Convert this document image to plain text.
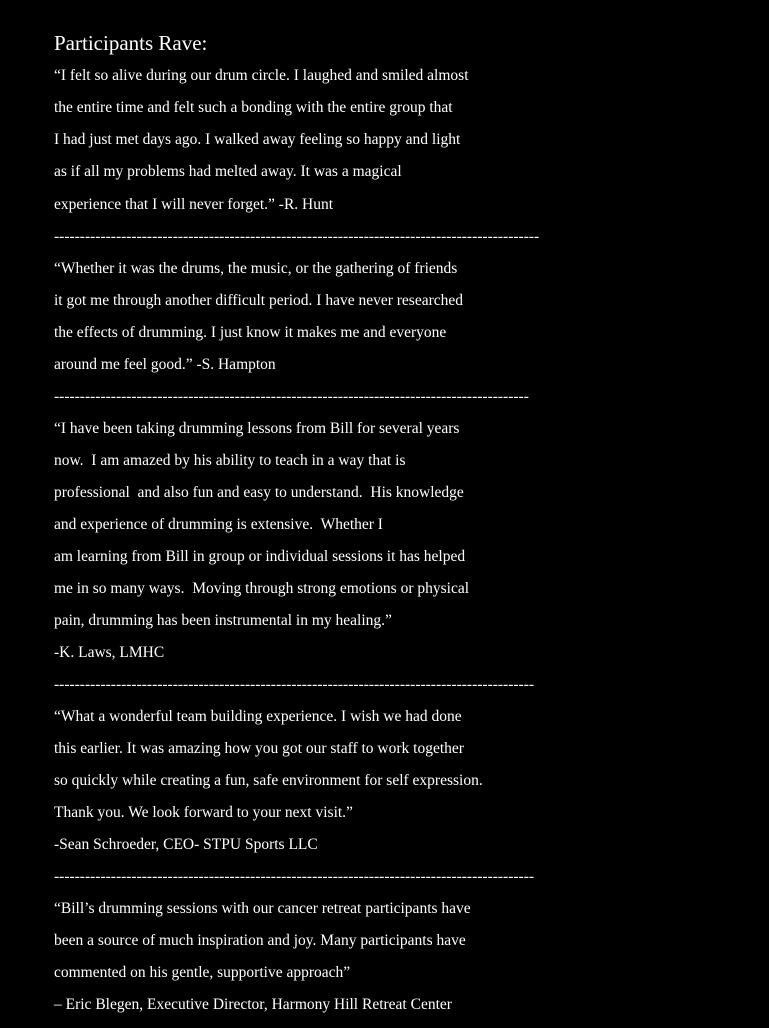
Participants Rave:
“I felt so alive during our drum circle. I laughed and smiled almost
the entire time and felt such a bonding with the entire group that
I had just met days ago. I walked away feeling so happy and light
as if all my problems had melted away. It was a magical
experience that I will never forget.” -R. Hunt
----------------------------------------------------------------------------------------------
“Whether it was the drums, the music, or the gathering of friends
it got me through another difficult period. I have never researched
the effects of drumming. I just know it makes me and everyone
around me feel good.” -S. Hampton
--------------------------------------------------------------------------------------------
“I have been taking drumming lessons from Bill for several years
now.  I am amazed by his ability to teach in a way that is
professional  and also fun and easy to understand.  His knowledge
and experience of drumming is extensive.  Whether I
am learning from Bill in group or individual sessions it has helped
me in so many ways.  Moving through strong emotions or physical
pain, drumming has been instrumental in my healing.”
-K. Laws, LMHC
---------------------------------------------------------------------------------------------
“What a wonderful team building experience. I wish we had done
this earlier. It was amazing how you got our staff to work together
so quickly while creating a fun, safe environment for self expression.
Thank you. We look forward to your next visit.”
-Sean Schroeder, CEO- STPU Sports LLC
---------------------------------------------------------------------------------------------
“Bill’s drumming sessions with our cancer retreat participants have
been a source of much inspiration and joy. Many participants have
commented on his gentle, supportive approach”
– Eric Blegen, Executive Director, Harmony Hill Retreat Center
